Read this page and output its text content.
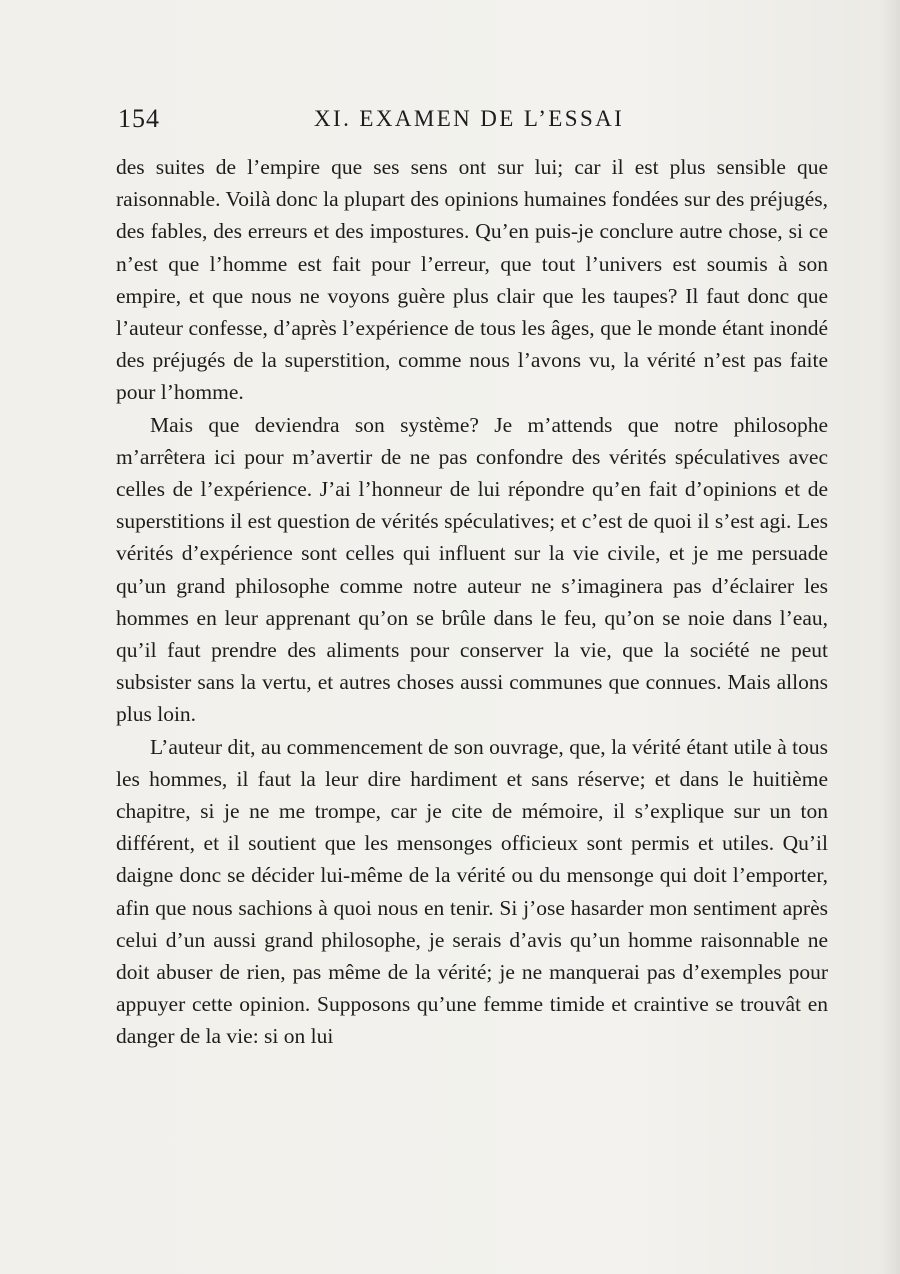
154	XI. EXAMEN DE L’ESSAI

des suites de l’empire que ses sens ont sur lui; car il est plus sensible que raisonnable. Voilà donc la plupart des opinions humaines fondées sur des préjugés, des fables, des erreurs et des impostures. Qu’en puis-je conclure autre chose, si ce n’est que l’homme est fait pour l’erreur, que tout l’univers est soumis à son empire, et que nous ne voyons guère plus clair que les taupes? Il faut donc que l’auteur confesse, d’après l’expérience de tous les âges, que le monde étant inondé des préjugés de la superstition, comme nous l’avons vu, la vérité n’est pas faite pour l’homme.

Mais que deviendra son système? Je m’attends que notre philosophe m’arrêtera ici pour m’avertir de ne pas confondre des vérités spéculatives avec celles de l’expérience. J’ai l’honneur de lui répondre qu’en fait d’opinions et de superstitions il est question de vérités spéculatives; et c’est de quoi il s’est agi. Les vérités d’expérience sont celles qui influent sur la vie civile, et je me persuade qu’un grand philosophe comme notre auteur ne s’imaginera pas d’éclairer les hommes en leur apprenant qu’on se brûle dans le feu, qu’on se noie dans l’eau, qu’il faut prendre des aliments pour conserver la vie, que la société ne peut subsister sans la vertu, et autres choses aussi communes que connues. Mais allons plus loin.

L’auteur dit, au commencement de son ouvrage, que, la vérité étant utile à tous les hommes, il faut la leur dire hardiment et sans réserve; et dans le huitième chapitre, si je ne me trompe, car je cite de mémoire, il s’explique sur un ton différent, et il soutient que les mensonges officieux sont permis et utiles. Qu’il daigne donc se décider lui-même de la vérité ou du mensonge qui doit l’emporter, afin que nous sachions à quoi nous en tenir. Si j’ose hasarder mon sentiment après celui d’un aussi grand philosophe, je serais d’avis qu’un homme raisonnable ne doit abuser de rien, pas même de la vérité; je ne manquerai pas d’exemples pour appuyer cette opinion. Supposons qu’une femme timide et craintive se trouvât en danger de la vie: si on lui
